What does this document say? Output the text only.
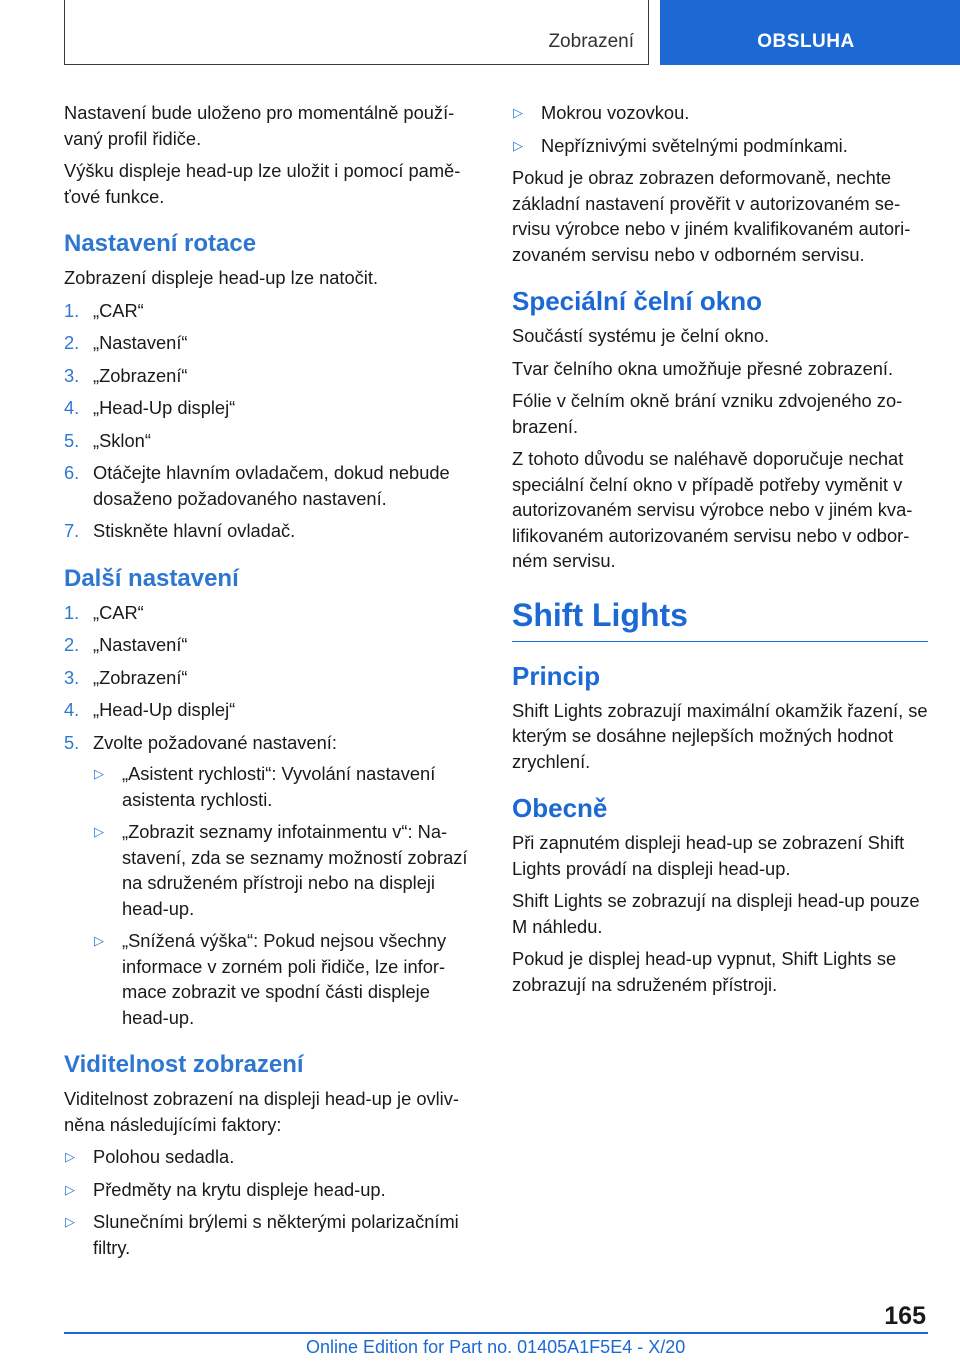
Zobrazení	OBSLUHA

Nastavení bude uloženo pro momentálně používaný profil řidiče.

Výšku displeje head-up lze uložit i pomocí paměťové funkce.

Nastavení rotace

Zobrazení displeje head-up lze natočit.

1. „CAR“
2. „Nastavení“
3. „Zobrazení“
4. „Head-Up displej“
5. „Sklon“
6. Otáčejte hlavním ovladačem, dokud nebude dosaženo požadovaného nastavení.
7. Stiskněte hlavní ovladač.
Další nastavení
1. „CAR“
2. „Nastavení“
3. „Zobrazení“
4. „Head-Up displej“
5. Zvolte požadované nastavení:
▷ „Asistent rychlosti“: Vyvolání nastavení asistenta rychlosti.
▷ „Zobrazit seznamy infotainmentu v“: Nastavení, zda se seznamy možností zobrazí na sdruženém přístroji nebo na displeji head-up.
▷ „Snížená výška“: Pokud nejsou všechny informace v zorném poli řidiče, lze informace zobrazit ve spodní části displeje head-up.
Viditelnost zobrazení

Viditelnost zobrazení na displeji head-up je ovlivněna následujícími faktory:

▷ Polohou sedadla.
▷ Předměty na krytu displeje head-up.
▷ Slunečními brýlemi s některými polarizačními filtry.
▷ Mokrou vozovkou.
▷ Nepříznivými světelnými podmínkami.

Pokud je obraz zobrazen deformovaně, nechte základní nastavení prověřit v autorizovaném servisu výrobce nebo v jiném kvalifikovaném autorizovaném servisu nebo v odborném servisu.

Speciální čelní okno

Součástí systému je čelní okno.

Tvar čelního okna umožňuje přesné zobrazení.

Fólie v čelním okně brání vzniku zdvojeného zobrazení.

Z tohoto důvodu se naléhavě doporučuje nechat speciální čelní okno v případě potřeby vyměnit v autorizovaném servisu výrobce nebo v jiném kvalifikovaném autorizovaném servisu nebo v odborném servisu.

Shift Lights
Princip

Shift Lights zobrazují maximální okamžik řazení, se kterým se dosáhne nejlepších možných hodnot zrychlení.

Obecně

Při zapnutém displeji head-up se zobrazení Shift Lights provádí na displeji head-up.

Shift Lights se zobrazují na displeji head-up pouze M náhledu.

Pokud je displej head-up vypnut, Shift Lights se zobrazují na sdruženém přístroji.

165
Online Edition for Part no. 01405A1F5E4 - X/20
